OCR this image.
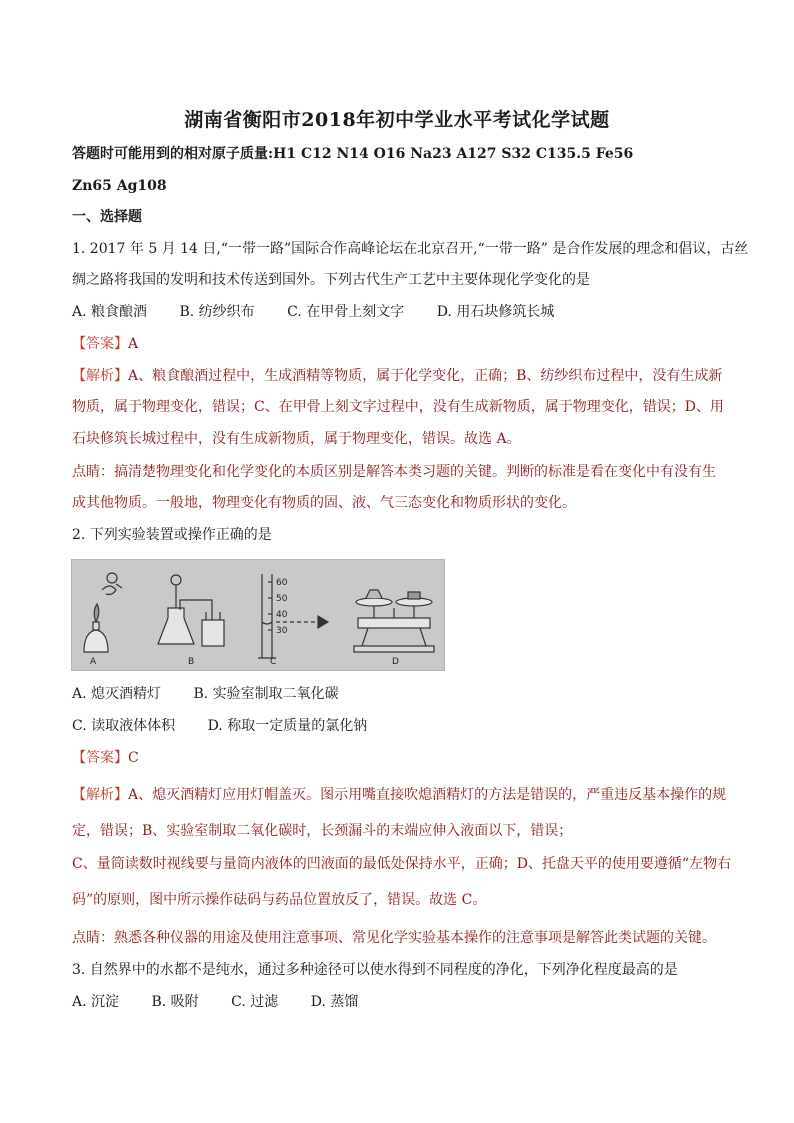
湖南省衡阳市2018年初中学业水平考试化学试题
答题时可能用到的相对原子质量:H1 C12 N14 O16 Na23 A127 S32 C135.5 Fe56
Zn65 Ag108
一、选择题
1. 2017 年 5 月 14 日,“一带一路”国际合作高峰论坛在北京召开,“一带一路” 是合作发展的理念和倡议，古丝
绸之路将我国的发明和技术传送到国外。下列古代生产工艺中主要体现化学变化的是
A. 粮食酿酒 B. 纺纱织布 C. 在甲骨上刻文字 D. 用石块修筑长城
【答案】A
【解析】A、粮食酿酒过程中，生成酒精等物质，属于化学变化，正确；B、纺纱织布过程中，没有生成新
物质，属于物理变化，错误；C、在甲骨上刻文字过程中，没有生成新物质，属于物理变化，错误；D、用
石块修筑长城过程中，没有生成新物质，属于物理变化，错误。故选 A。
点睛：搞清楚物理变化和化学变化的本质区别是解答本类习题的关键。判断的标准是看在变化中有没有生
成其他物质。一般地，物理变化有物质的固、液、气三态变化和物质形状的变化。
2. 下列实验装置或操作正确的是
A	B
60
50
40
30
C	D
A. 熄灭酒精灯 B. 实验室制取二氧化碳
C. 读取液体体积 D. 称取一定质量的氯化钠
【答案】C
【解析】A、熄灭酒精灯应用灯帽盖灭。图示用嘴直接吹熄酒精灯的方法是错误的，严重违反基本操作的规
定，错误；B、实验室制取二氧化碳时，长颈漏斗的末端应伸入液面以下，错误；
C、量筒读数时视线要与量筒内液体的凹液面的最低处保持水平，正确；D、托盘天平的使用要遵循“左物右
码”的原则，图中所示操作砝码与药品位置放反了，错误。故选 C。
点睛：熟悉各种仪器的用途及使用注意事项、常见化学实验基本操作的注意事项是解答此类试题的关键。
3. 自然界中的水都不是纯水，通过多种途径可以使水得到不同程度的净化，下列净化程度最高的是
A. 沉淀 B. 吸附 C. 过滤 D. 蒸馏
